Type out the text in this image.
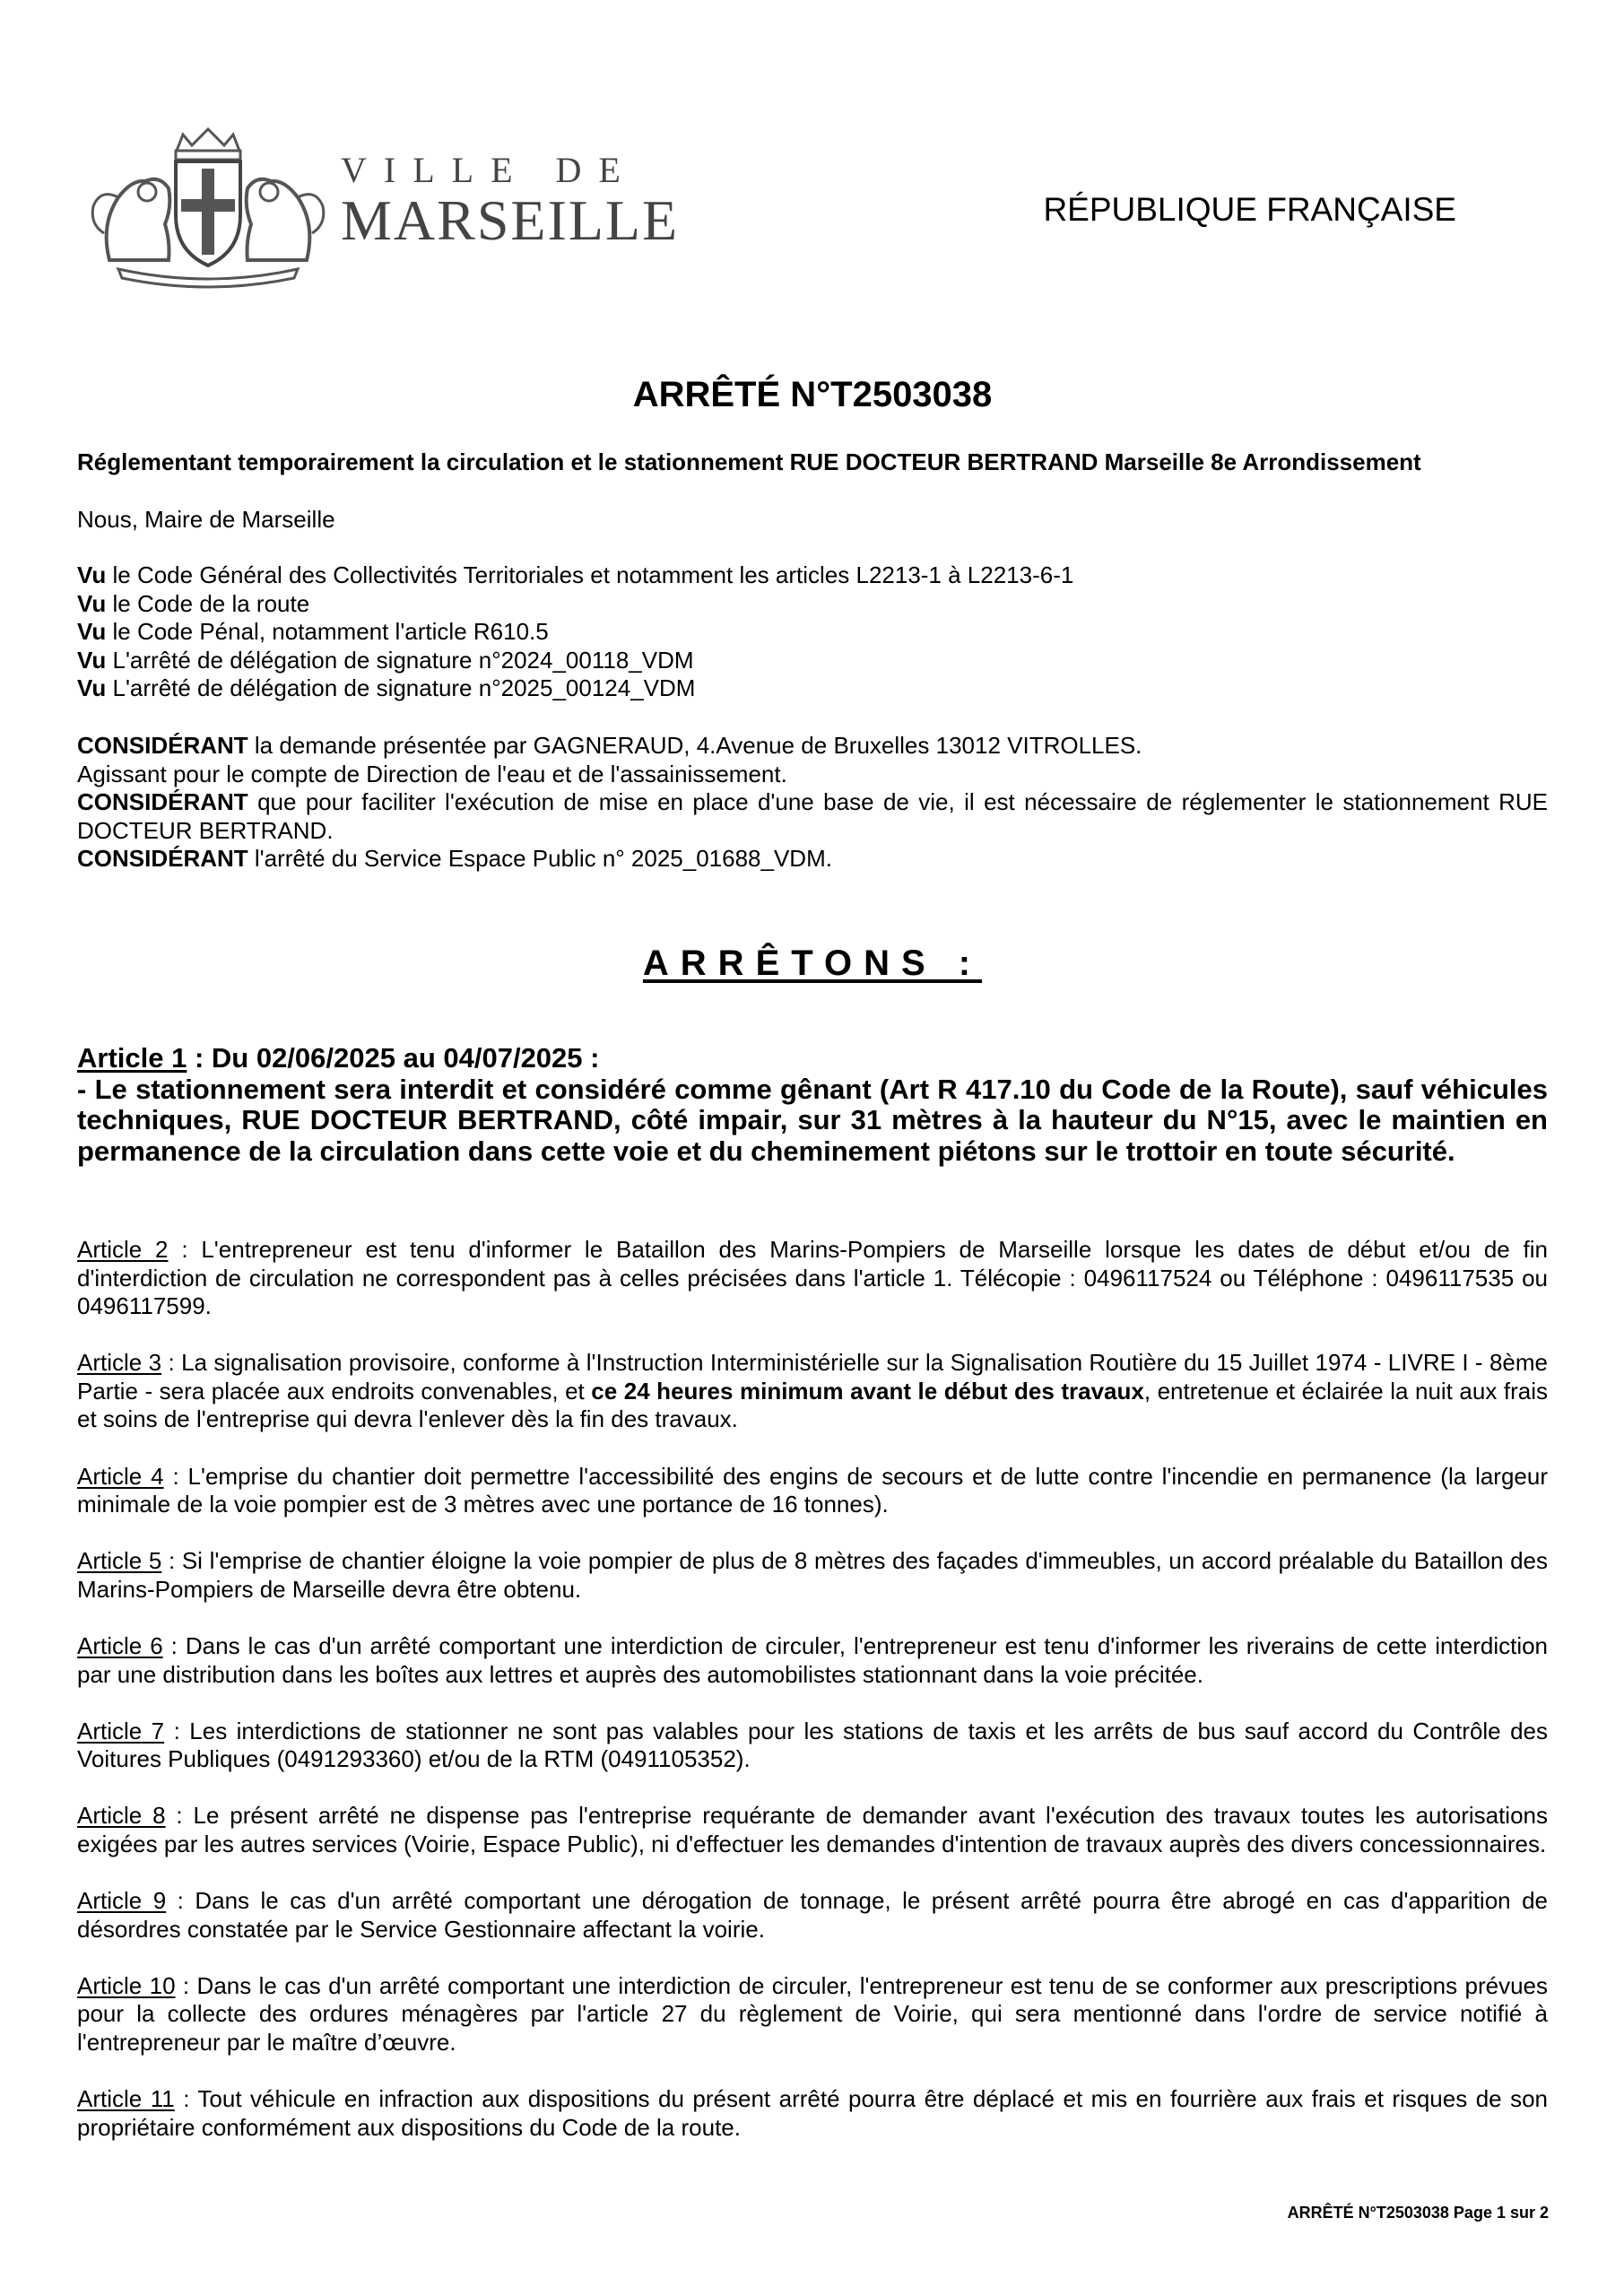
VILLE DE
MARSEILLE	RÉPUBLIQUE FRANÇAISE
ARRÊTÉ N°T2503038
Réglementant temporairement la circulation et le stationnement RUE DOCTEUR BERTRAND Marseille 8e Arrondissement
Nous, Maire de Marseille
Vu le Code Général des Collectivités Territoriales et notamment les articles L2213-1 à L2213-6-1
Vu le Code de la route
Vu le Code Pénal, notamment l'article R610.5
Vu L'arrêté de délégation de signature n°2024_00118_VDM
Vu L'arrêté de délégation de signature n°2025_00124_VDM

CONSIDÉRANT la demande présentée par GAGNERAUD, 4.Avenue de Bruxelles 13012 VITROLLES.

Agissant pour le compte de Direction de l'eau et de l'assainissement.

CONSIDÉRANT que pour faciliter l'exécution de mise en place d'une base de vie, il est nécessaire de réglementer le stationnement RUE DOCTEUR BERTRAND.

CONSIDÉRANT l'arrêté du Service Espace Public n° 2025_01688_VDM.

ARRÊTONS :

Article 1 : Du 02/06/2025 au 04/07/2025 :

- Le stationnement sera interdit et considéré comme gênant (Art R 417.10 du Code de la Route), sauf véhicules techniques, RUE DOCTEUR BERTRAND, côté impair, sur 31 mètres à la hauteur du N°15, avec le maintien en permanence de la circulation dans cette voie et du cheminement piétons sur le trottoir en toute sécurité.

Article 2 : L'entrepreneur est tenu d'informer le Bataillon des Marins-Pompiers de Marseille lorsque les dates de début et/ou de fin d'interdiction de circulation ne correspondent pas à celles précisées dans l'article 1. Télécopie : 0496117524 ou Téléphone : 0496117535 ou 0496117599.

Article 3 : La signalisation provisoire, conforme à l'Instruction Interministérielle sur la Signalisation Routière du 15 Juillet 1974 - LIVRE I - 8ème Partie - sera placée aux endroits convenables, et ce 24 heures minimum avant le début des travaux, entretenue et éclairée la nuit aux frais et soins de l'entreprise qui devra l'enlever dès la fin des travaux.

Article 4 : L'emprise du chantier doit permettre l'accessibilité des engins de secours et de lutte contre l'incendie en permanence (la largeur minimale de la voie pompier est de 3 mètres avec une portance de 16 tonnes).

Article 5 : Si l'emprise de chantier éloigne la voie pompier de plus de 8 mètres des façades d'immeubles, un accord préalable du Bataillon des Marins-Pompiers de Marseille devra être obtenu.

Article 6 : Dans le cas d'un arrêté comportant une interdiction de circuler, l'entrepreneur est tenu d'informer les riverains de cette interdiction par une distribution dans les boîtes aux lettres et auprès des automobilistes stationnant dans la voie précitée.

Article 7 : Les interdictions de stationner ne sont pas valables pour les stations de taxis et les arrêts de bus sauf accord du Contrôle des Voitures Publiques (0491293360) et/ou de la RTM (0491105352).

Article 8 : Le présent arrêté ne dispense pas l'entreprise requérante de demander avant l'exécution des travaux toutes les autorisations exigées par les autres services (Voirie, Espace Public), ni d'effectuer les demandes d'intention de travaux auprès des divers concessionnaires.

Article 9 : Dans le cas d'un arrêté comportant une dérogation de tonnage, le présent arrêté pourra être abrogé en cas d'apparition de désordres constatée par le Service Gestionnaire affectant la voirie.

Article 10 : Dans le cas d'un arrêté comportant une interdiction de circuler, l'entrepreneur est tenu de se conformer aux prescriptions prévues pour la collecte des ordures ménagères par l'article 27 du règlement de Voirie, qui sera mentionné dans l'ordre de service notifié à l'entrepreneur par le maître d’œuvre.

Article 11 : Tout véhicule en infraction aux dispositions du présent arrêté pourra être déplacé et mis en fourrière aux frais et risques de son propriétaire conformément aux dispositions du Code de la route.

ARRÊTÉ N°T2503038 Page 1 sur 2
